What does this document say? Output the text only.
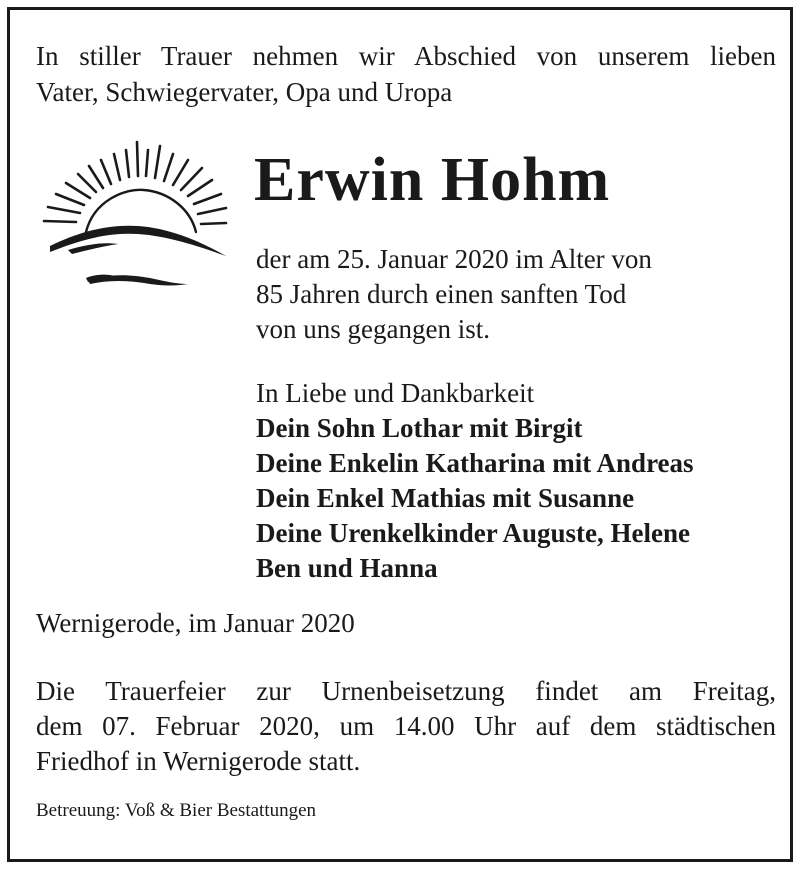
In stiller Trauer nehmen wir Abschied von unserem lieben
Vater, Schwiegervater, Opa und Uropa
Erwin Hohm
der am 25. Januar 2020 im Alter von
85 Jahren durch einen sanften Tod
von uns gegangen ist.
In Liebe und Dankbarkeit
Dein Sohn Lothar mit Birgit
Deine Enkelin Katharina mit Andreas
Dein Enkel Mathias mit Susanne
Deine Urenkelkinder Auguste, Helene
Ben und Hanna
Wernigerode, im Januar 2020
Die Trauerfeier zur Urnenbeisetzung findet am Freitag,
dem 07. Februar 2020, um 14.00 Uhr auf dem städtischen
Friedhof in Wernigerode statt.
Betreuung: Voß & Bier Bestattungen
